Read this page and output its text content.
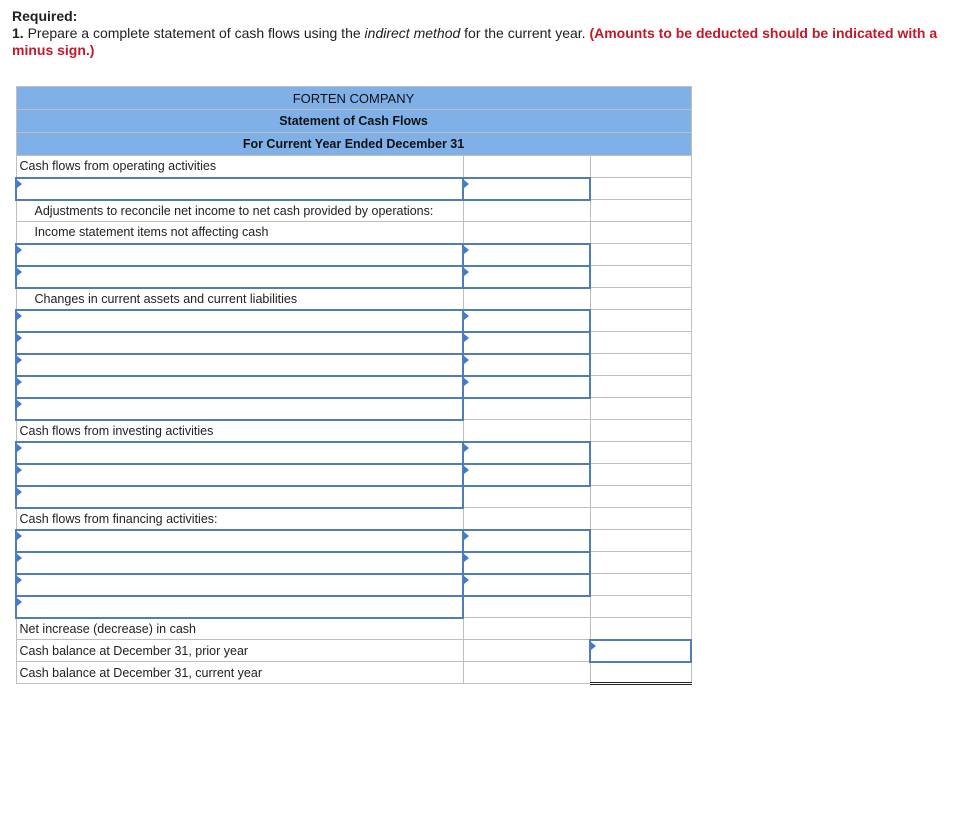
Required:
1. Prepare a complete statement of cash flows using the indirect method for the current year. (Amounts to be deducted should be indicated with a minus sign.)
FORTEN COMPANY		
Statement of Cash Flows		
For Current Year Ended December 31		
Cash flows from operating activities		

Adjustments to reconcile net income to net cash provided by operations:		
Income statement items not affecting cash		

Changes in current assets and current liabilities		

Cash flows from investing activities		

Cash flows from financing activities:		

Net increase (decrease) in cash		
Cash balance at December 31, prior year		
Cash balance at December 31, current year		
